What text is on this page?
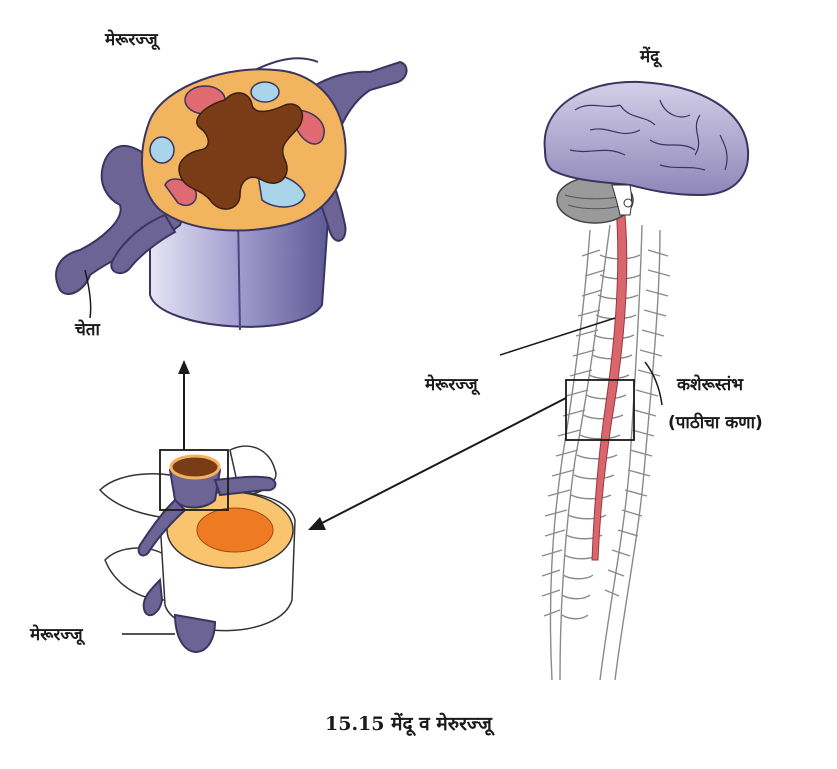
मेरूरज्जू
चेता
मेरूरज्जू
मेंदू
मेरूरज्जू	कशेरूस्तंभ
(पाठीचा कणा)
15.15 मेंदू व मेरुरज्जू
